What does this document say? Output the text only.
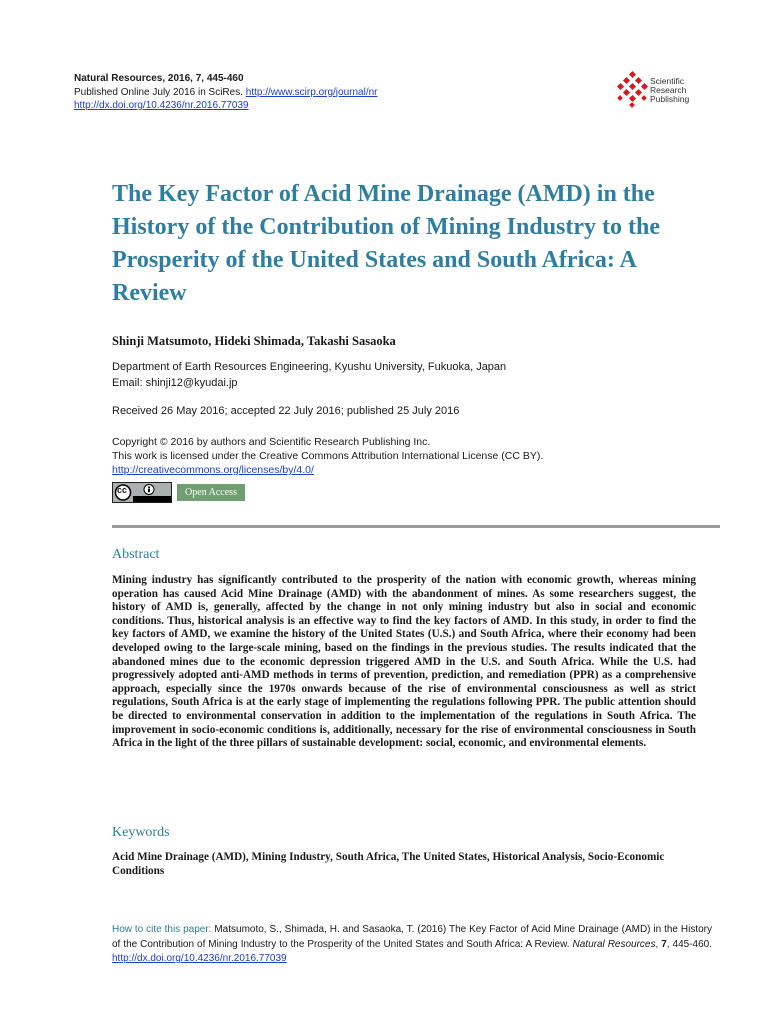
Natural Resources, 2016, 7, 445-460
Published Online July 2016 in SciRes. http://www.scirp.org/journal/nr
http://dx.doi.org/10.4236/nr.2016.77039
Scientific
Research
Publishing
The Key Factor of Acid Mine Drainage (AMD) in the History of the Contribution of Mining Industry to the Prosperity of the United States and South Africa: A Review
Shinji Matsumoto, Hideki Shimada, Takashi Sasaoka
Department of Earth Resources Engineering, Kyushu University, Fukuoka, Japan
Email: shinji12@kyudai.jp
Received 26 May 2016; accepted 22 July 2016; published 25 July 2016
Copyright © 2016 by authors and Scientific Research Publishing Inc.
This work is licensed under the Creative Commons Attribution International License (CC BY).
http://creativecommons.org/licenses/by/4.0/
cc	Open Access
Abstract
Mining industry has significantly contributed to the prosperity of the nation with economic growth, whereas mining operation has caused Acid Mine Drainage (AMD) with the abandonment of mines. As some researchers suggest, the history of AMD is, generally, affected by the change in not only mining industry but also in social and economic conditions. Thus, historical analysis is an effective way to find the key factors of AMD. In this study, in order to find the key factors of AMD, we examine the history of the United States (U.S.) and South Africa, where their economy had been developed owing to the large-scale mining, based on the findings in the previous studies. The results indicated that the abandoned mines due to the economic depression triggered AMD in the U.S. and South Africa. While the U.S. had progressively adopted anti-AMD methods in terms of prevention, prediction, and remediation (PPR) as a comprehensive approach, especially since the 1970s onwards because of the rise of environmental consciousness as well as strict regulations, South Africa is at the early stage of implementing the regulations following PPR. The public attention should be directed to environmental conservation in addition to the implementation of the regulations in South Africa. The improvement in socio-economic conditions is, additionally, necessary for the rise of environmental consciousness in South Africa in the light of the three pillars of sustainable development: social, economic, and environmental elements.
Keywords
Acid Mine Drainage (AMD), Mining Industry, South Africa, The United States, Historical Analysis, Socio-Economic Conditions
How to cite this paper: Matsumoto, S., Shimada, H. and Sasaoka, T. (2016) The Key Factor of Acid Mine Drainage (AMD) in the History of the Contribution of Mining Industry to the Prosperity of the United States and South Africa: A Review. Natural Resources, 7, 445-460. http://dx.doi.org/10.4236/nr.2016.77039
